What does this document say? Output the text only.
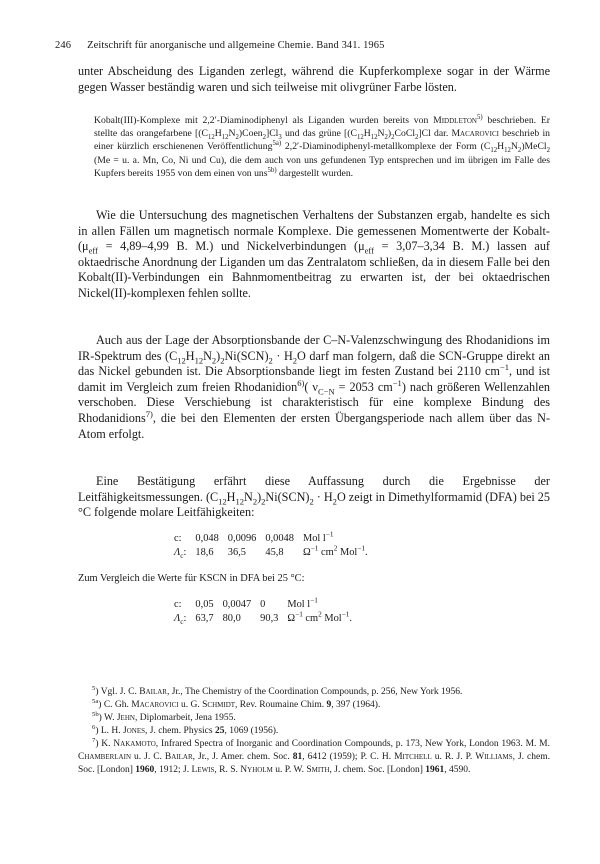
246 Zeitschrift für anorganische und allgemeine Chemie. Band 341. 1965
unter Abscheidung des Liganden zerlegt, während die Kupferkomplexe sogar in der Wärme gegen Wasser beständig waren und sich teilweise mit olivgrüner Farbe lösten.
Kobalt(III)-Komplexe mit 2,2′-Diaminodiphenyl als Liganden wurden bereits von Middleton$^{5)}$ beschrieben. Er stellte das orangefarbene $[(C_{12}H_{12}N_2)Coen_2]Cl_3$ und das grüne $[(C_{12}H_{12}N_2)_2CoCl_2]Cl$ dar. Macarovici beschrieb in einer kürzlich erschienenen Veröffentlichung$^{5a)}$ 2,2′-Diaminodiphenyl-metallkomplexe der Form $(C_{12}H_{12}N_2)MeCl_2$ (Me = u. a. Mn, Co, Ni und Cu), die dem auch von uns gefundenen Typ entsprechen und im übrigen im Falle des Kupfers bereits 1955 von dem einen von uns$^{5b)}$ dargestellt wurden.
Wie die Untersuchung des magnetischen Verhaltens der Substanzen ergab, handelte es sich in allen Fällen um magnetisch normale Komplexe. Die gemessenen Momentwerte der Kobalt- ($\mu_{eff} = 4,89-4,99$ B. M.) und Nickelverbindungen ($\mu_{eff} = 3,07-3,34$ B. M.) lassen auf oktaedrische Anordnung der Liganden um das Zentralatom schließen, da in diesem Falle bei den Kobalt(II)-Verbindungen ein Bahnmomentbeitrag zu erwarten ist, der bei oktaedrischen Nickel(II)-komplexen fehlen sollte.
Auch aus der Lage der Absorptionsbande der C–N-Valenzschwingung des Rhodanidions im IR-Spektrum des $(C_{12}H_{12}N_2)_2Ni(SCN)_2 \cdot H_2O$ darf man folgern, daß die SCN-Gruppe direkt an das Nickel gebunden ist. Die Absorptionsbande liegt im festen Zustand bei 2110 $cm^{-1}$, und ist damit im Vergleich zum freien Rhodanidion$^{6)}$( $\nu_{C-N} = 2053$ $cm^{-1}$) nach größeren Wellenzahlen verschoben. Diese Verschiebung ist charakteristisch für eine komplexe Bindung des Rhodanidions$^{7)}$, die bei den Elementen der ersten Übergangsperiode nach allem über das N-Atom erfolgt.
Eine Bestätigung erfährt diese Auffassung durch die Ergebnisse der Leitfähigkeitsmessungen. $(C_{12}H_{12}N_2)_2Ni(SCN)_2 \cdot H_2O$ zeigt in Dimethylformamid (DFA) bei 25 °C folgende molare Leitfähigkeiten:
c:	0,048	0,0096	0,0048	Mol $l^{-1}$
$\Lambda_c$:	18,6	36,5	45,8	$\Omega^{-1}$ $cm^2$ Mol$^{-1}$.
Zum Vergleich die Werte für KSCN in DFA bei 25 °C:
c:	0,05	0,0047	0	Mol $l^{-1}$
$\Lambda_c$:	63,7	80,0	90,3	$\Omega^{-1}$ $cm^2$ Mol$^{-1}$.

$^5$) Vgl. J. C. Bailar, Jr., The Chemistry of the Coordination Compounds, p. 256, New York 1956.

$^{5a}$) C. Gh. Macarovici u. G. Schmidt, Rev. Roumaine Chim. 9, 397 (1964).

$^{5b}$) W. Jehn, Diplomarbeit, Jena 1955.

$^6$) L. H. Jones, J. chem. Physics 25, 1069 (1956).

$^7$) K. Nakamoto, Infrared Spectra of Inorganic and Coordination Compounds, p. 173, New York, London 1963. M. M. Chamberlain u. J. C. Bailar, Jr., J. Amer. chem. Soc. 81, 6412 (1959); P. C. H. Mitchell u. R. J. P. Williams, J. chem. Soc. [London] 1960, 1912; J. Lewis, R. S. Nyholm u. P. W. Smith, J. chem. Soc. [London] 1961, 4590.
